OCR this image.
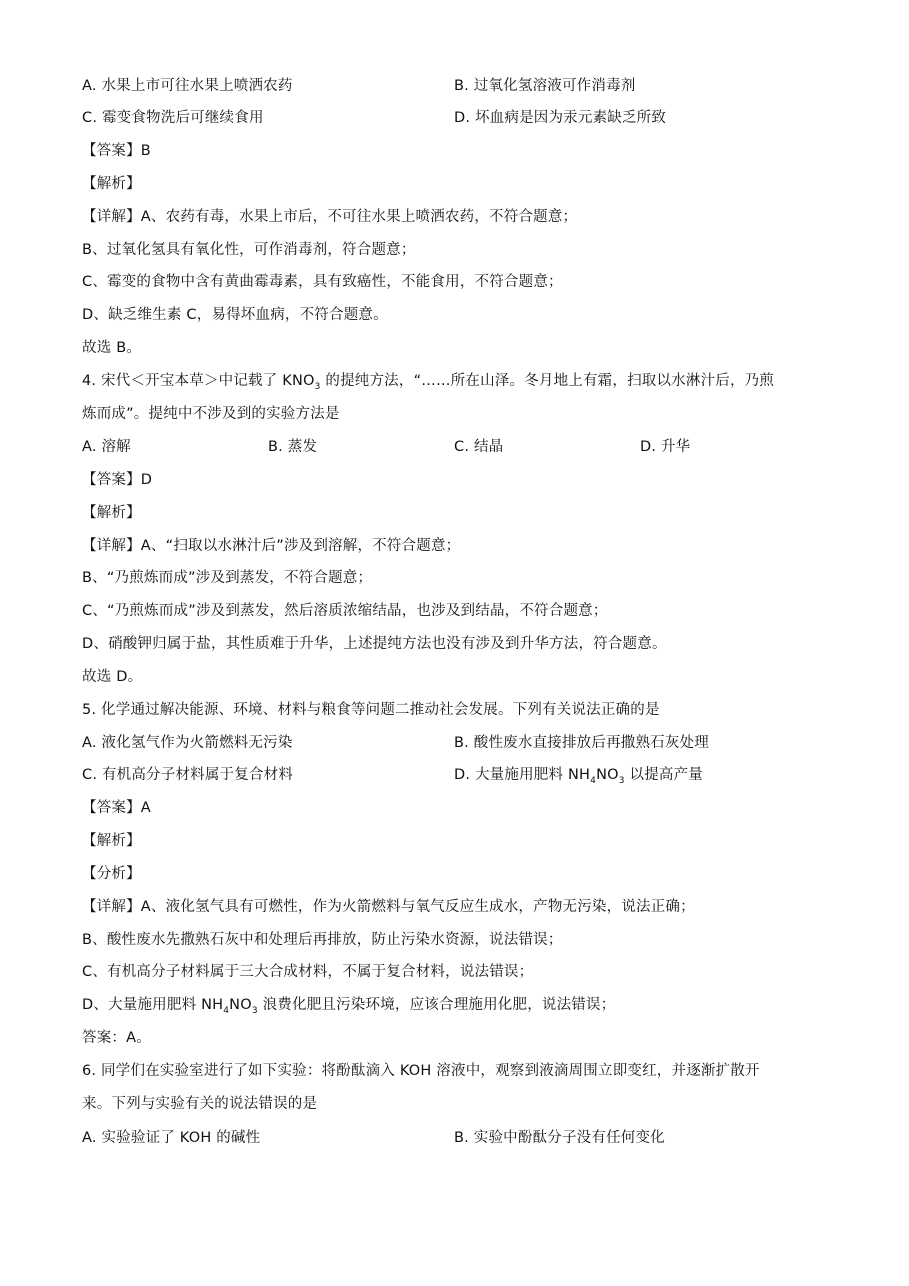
A. 水果上市可往水果上喷洒农药	B. 过氧化氢溶液可作消毒剂
C. 霉变食物洗后可继续食用	D. 坏血病是因为汞元素缺乏所致
【答案】B
【解析】
【详解】A、农药有毒，水果上市后，不可往水果上喷洒农药，不符合题意；
B、过氧化氢具有氧化性，可作消毒剂，符合题意；
C、霉变的食物中含有黄曲霉毒素，具有致癌性，不能食用，不符合题意；
D、缺乏维生素 C，易得坏血病，不符合题意。
故选 B。
4. 宋代＜开宝本草＞中记载了 $KNO_3$ 的提纯方法，“……所在山泽。冬月地上有霜，扫取以水淋汁后，乃煎
炼而成”。提纯中不涉及到的实验方法是
A. 溶解	B. 蒸发	C. 结晶	D. 升华
【答案】D
【解析】
【详解】A、“扫取以水淋汁后”涉及到溶解，不符合题意；
B、“乃煎炼而成”涉及到蒸发，不符合题意；
C、“乃煎炼而成”涉及到蒸发，然后溶质浓缩结晶，也涉及到结晶，不符合题意；
D、硝酸钾归属于盐，其性质难于升华，上述提纯方法也没有涉及到升华方法，符合题意。
故选 D。
5. 化学通过解决能源、环境、材料与粮食等问题二推动社会发展。下列有关说法正确的是
A. 液化氢气作为火箭燃料无污染	B. 酸性废水直接排放后再撒熟石灰处理
C. 有机高分子材料属于复合材料	D. 大量施用肥料 $NH_4NO_3$ 以提高产量
【答案】A
【解析】
【分析】
【详解】A、液化氢气具有可燃性，作为火箭燃料与氧气反应生成水，产物无污染，说法正确；
B、酸性废水先撒熟石灰中和处理后再排放，防止污染水资源，说法错误；
C、有机高分子材料属于三大合成材料，不属于复合材料，说法错误；
D、大量施用肥料 $NH_4NO_3$ 浪费化肥且污染环境，应该合理施用化肥，说法错误；
答案：A。
6. 同学们在实验室进行了如下实验：将酚酞滴入 KOH 溶液中，观察到液滴周围立即变红，并逐渐扩散开
来。下列与实验有关的说法错误的是
A. 实验验证了 KOH 的碱性	B. 实验中酚酞分子没有任何变化
